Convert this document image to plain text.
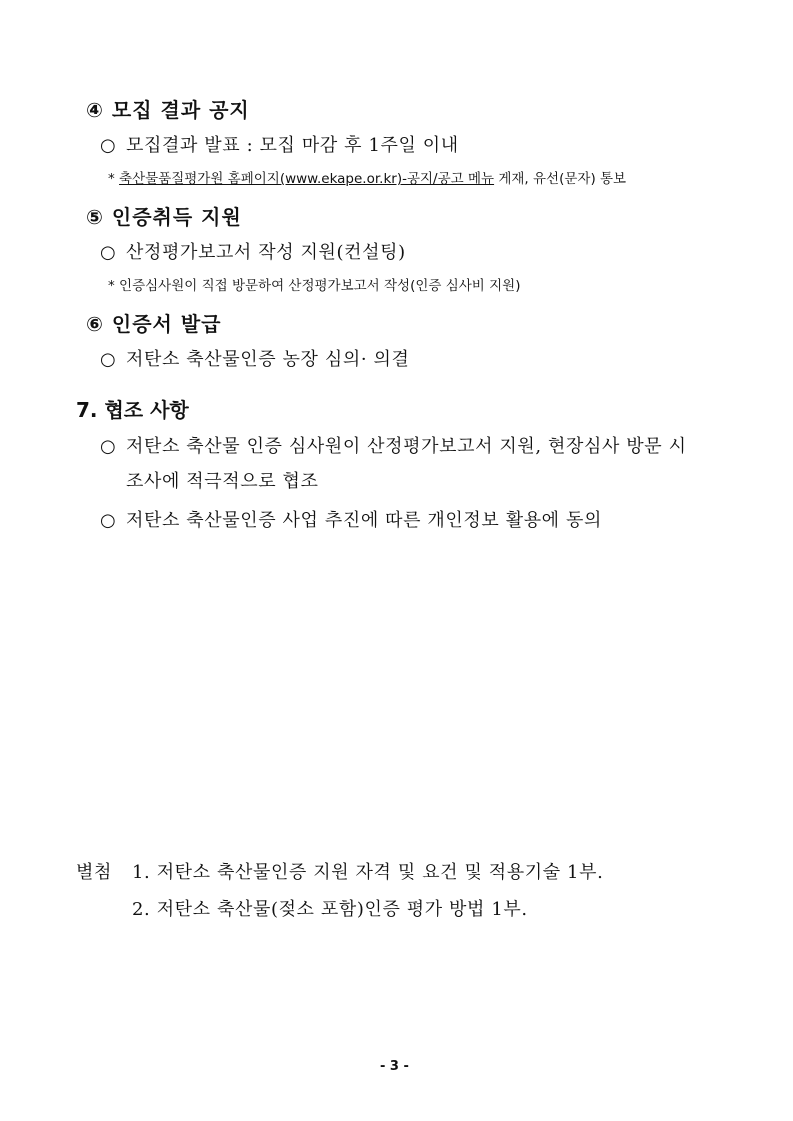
④ 모집 결과 공지
○ 모집결과 발표 : 모집 마감 후 1주일 이내
* 축산물품질평가원 홈페이지(www.ekape.or.kr)-공지/공고 메뉴 게재, 유선(문자) 통보
⑤ 인증취득 지원
○ 산정평가보고서 작성 지원(컨설팅)
* 인증심사원이 직접 방문하여 산정평가보고서 작성(인증 심사비 지원)
⑥ 인증서 발급
○ 저탄소 축산물인증 농장 심의· 의결
7. 협조 사항
○ 저탄소 축산물 인증 심사원이 산정평가보고서 지원, 현장심사 방문 시
조사에 적극적으로 협조
○ 저탄소 축산물인증 사업 추진에 따른 개인정보 활용에 동의
별첨 1. 저탄소 축산물인증 지원 자격 및 요건 및 적용기술 1부.
2. 저탄소 축산물(젖소 포함)인증 평가 방법 1부.
- 3 -
